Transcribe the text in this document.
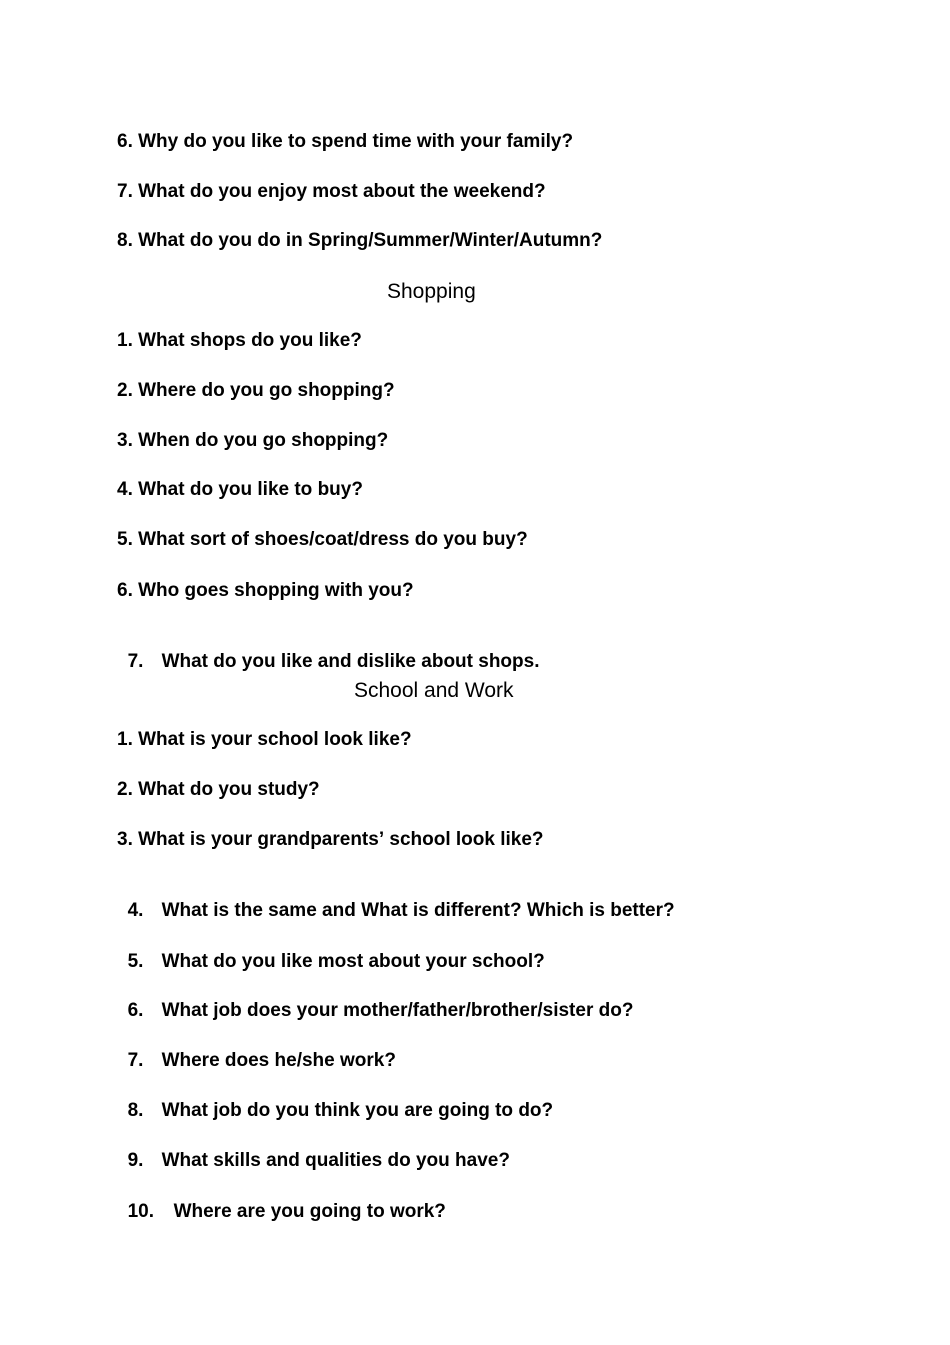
6. Why do you like to spend time with your family?
7. What do you enjoy most about the weekend?
8. What do you do in Spring/Summer/Winter/Autumn?
Shopping
1. What shops do you like?
2. Where do you go shopping?
3. When do you go shopping?
4. What do you like to buy?
5. What sort of shoes/coat/dress do you buy?
6. Who goes shopping with you?

7. What do you like and dislike about shops.

School and Work
1. What is your school look like?
2. What do you study?
3. What is your grandparentsʼ school look like?

4. What is the same and What is different? Which is better?

5. What do you like most about your school?

6. What job does your mother/father/brother/sister do?

7. Where does he/she work?

8. What job do you think you are going to do?

9. What skills and qualities do you have?

10. Where are you going to work?
